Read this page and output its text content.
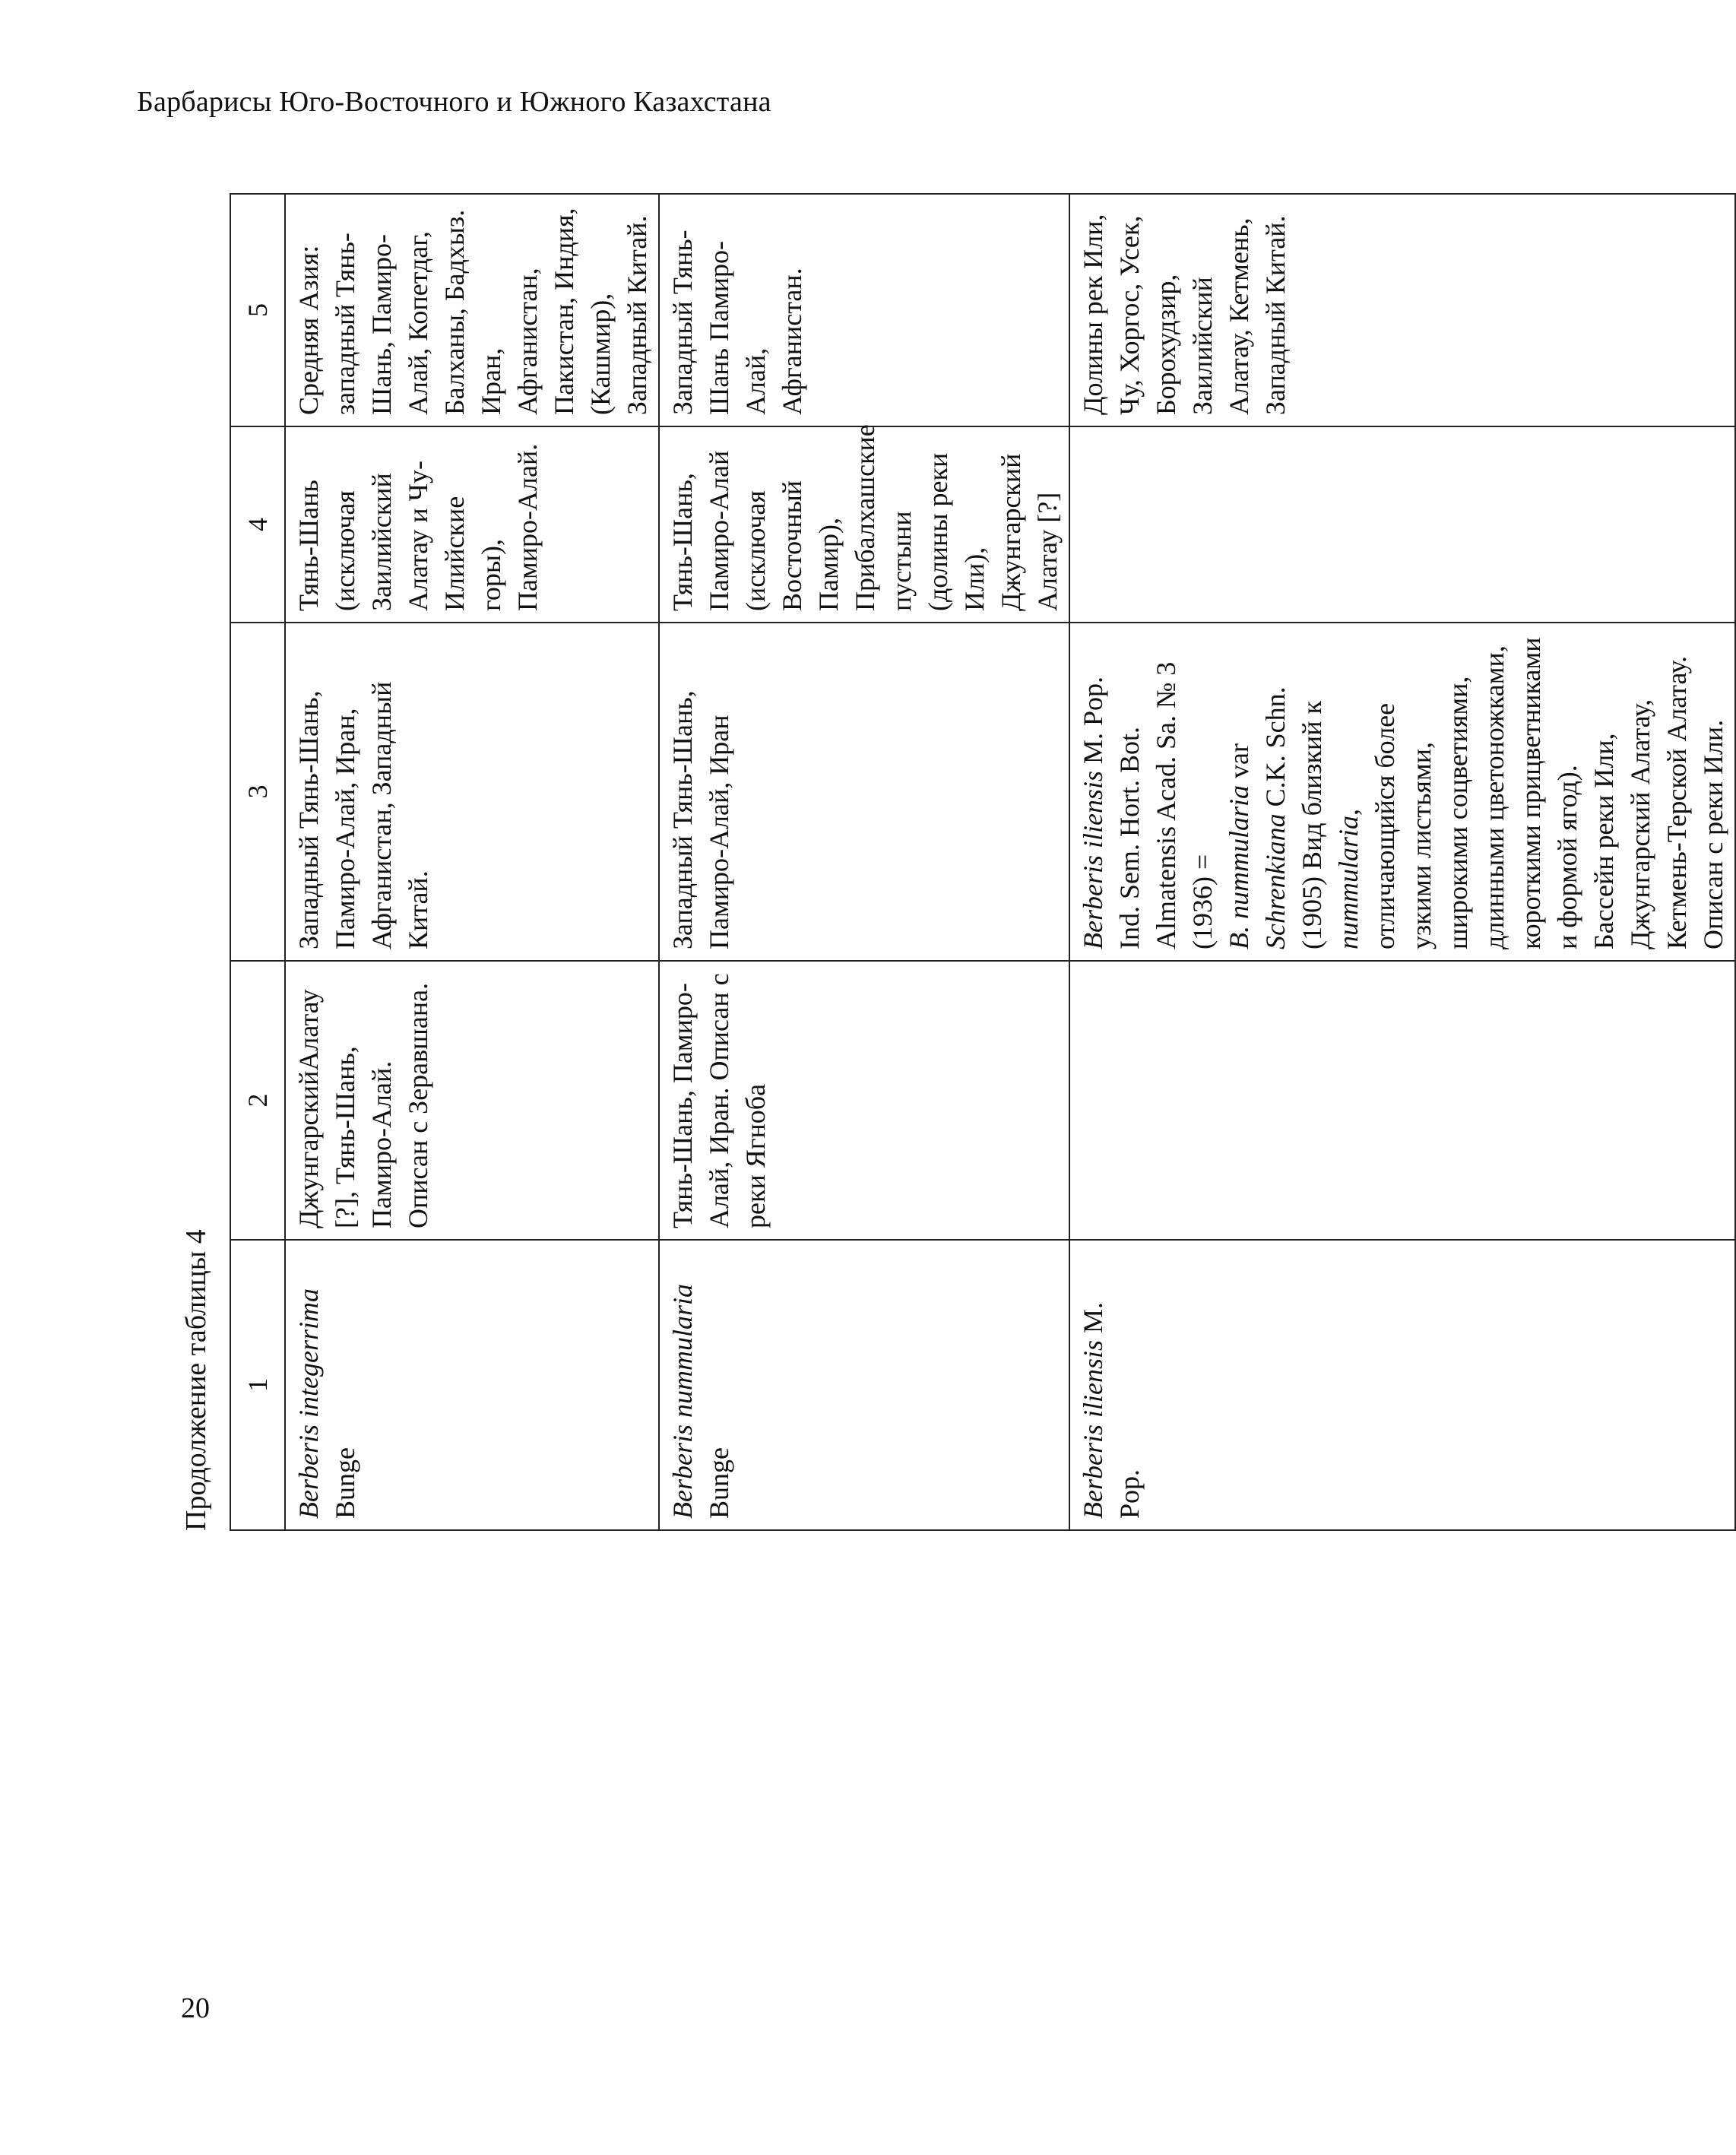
Барбарисы Юго-Восточного и Южного Казахстана
Продолжение таблицы 4 1	2	3	4	5
Berberis integerrima Bunge	ДжунгарскийАлатау [?], Тянь-Шань, Памиро-Алай. Описан с Зеравшана.	Западный Тянь-Шань, Памиро-Алай, Иран, Афганистан, Западный Китай.	Тянь-Шань (исключая Заилийский Алатау и Чу-Илийские горы), Памиро-Алай.	Средняя Азия: западный Тянь-Шань, Памиро-Алай, Копетдаг, Балханы, Бадхыз. Иран, Афганистан, Пакистан, Индия, (Кашмир), Западный Китай.
Berberis nummularia Bunge	Тянь-Шань, Памиро-Алай, Иран. Описан с реки Ягноба	Западный Тянь-Шань, Памиро-Алай, Иран	Тянь-Шань, Памиро-Алай (исключая Восточный Памир), Прибалхашские пустыни (долины реки Или), Джунгарский Алатау [?]	Западный Тянь-Шань Памиро-Алай, Афганистан.
Berberis iliensis M. Pop.		Berberis iliensis M. Pop. Ind. Sem. Hort. Bot. Almatensis Acad. Sa. № 3 (1936) = B. nummularia var Schrenkiana C.K. Schn. (1905) Вид близкий к nummularia, отличающийся более узкими листьями, широкими соцветиями, длинными цветоножками, короткими прицветниками и формой ягод). Бассейн реки Или, Джунгарский Алатау, Кетмень-Терской Алатау. Описан с реки Или.		Долины рек Или, Чу, Хоргос, Усек, Борохудзир, Заилийский Алатау, Кетмень, Западный Китай.
20
